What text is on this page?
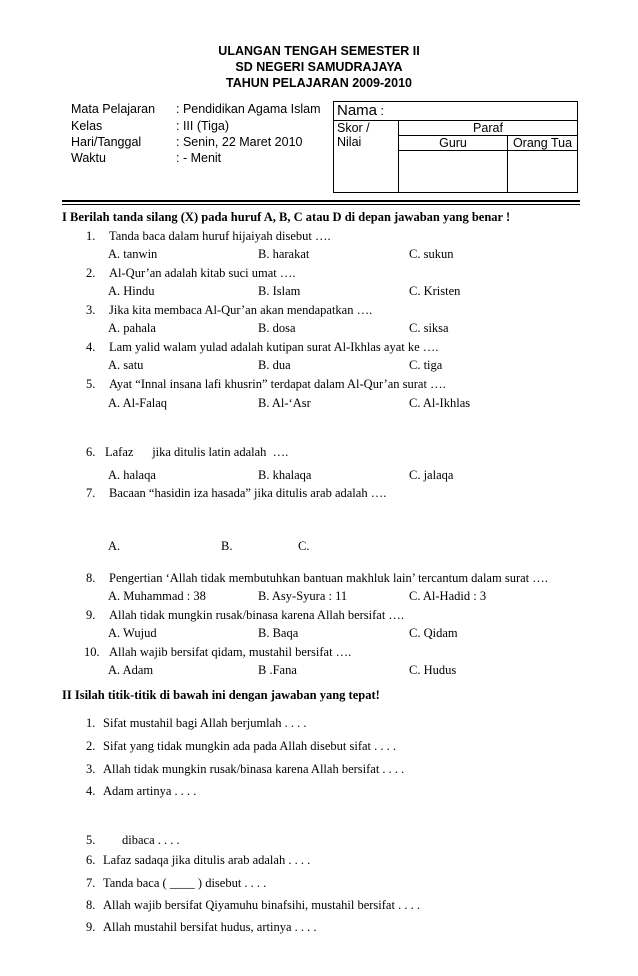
ULANGAN TENGAH SEMESTER II
SD NEGERI SAMUDRAJAYA
TAHUN PELAJARAN 2009-2010
Mata Pelajaran : Pendidikan Agama Islam
Kelas	: III (Tiga)
Hari/Tanggal	: Senin, 22 Maret 2010
Waktu	: - Menit
Nama :		
Skor / Nilai	Paraf	
	Guru	Orang Tua

I Berilah tanda silang (X) pada huruf A, B, C atau D di depan jawaban yang benar !
1. Tanda baca dalam huruf hijaiyah disebut ….
A. tanwin	B. harakat	C. sukun
2. Al-Qur’an adalah kitab suci umat ….
A. Hindu	B. Islam	C. Kristen
3. Jika kita membaca Al-Qur’an akan mendapatkan ….
A. pahala	B. dosa	C. siksa
4. Lam yalid walam yulad adalah kutipan surat Al-Ikhlas ayat ke ….
A. satu	B. dua	C. tiga
5. Ayat “Innal insana lafi khusrin” terdapat dalam Al-Qur’an surat ….
A. Al-Falaq	B. Al-‘Asr	C. Al-Ikhlas
6. Lafaz      jika ditulis latin adalah  ….
A. halaqa	B. khalaqa	C. jalaqa
7. Bacaan “hasidin iza hasada” jika ditulis arab adalah ….
A.	B.	C.
8. Pengertian ‘Allah tidak membutuhkan bantuan makhluk lain’ tercantum dalam surat ….
A. Muhammad : 38	B. Asy-Syura : 11	C. Al-Hadid : 3
9. Allah tidak mungkin rusak/binasa karena Allah bersifat ….
A. Wujud	B. Baqa	C. Qidam
10. Allah wajib bersifat qidam, mustahil bersifat ….
A. Adam	B .Fana	C. Hudus
II Isilah titik-titik di bawah ini dengan jawaban yang tepat!
1. Sifat mustahil bagi Allah berjumlah . . . .
2. Sifat yang tidak mungkin ada pada Allah disebut sifat . . . .
3. Allah tidak mungkin rusak/binasa karena Allah bersifat . . . .
4. Adam artinya . . . .
5. dibaca . . . .
6. Lafaz sadaqa jika ditulis arab adalah . . . .
7. Tanda baca ( ____ ) disebut . . . .
8. Allah wajib bersifat Qiyamuhu binafsihi, mustahil bersifat . . . .
9. Allah mustahil bersifat hudus, artinya . . . .
